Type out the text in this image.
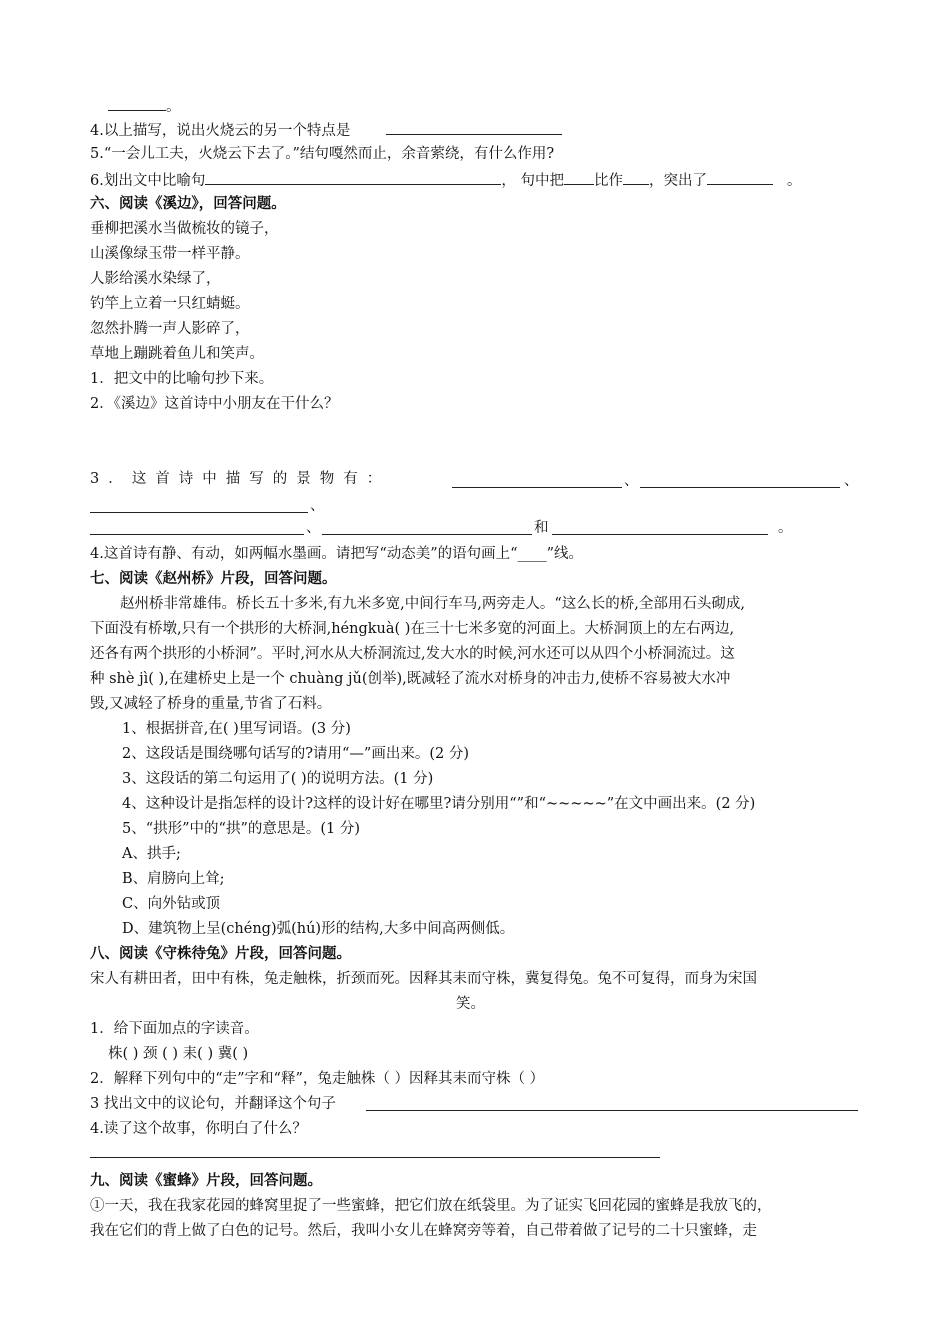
。
4.以上描写，说出火烧云的另一个特点是
5.“一会儿工夫，火烧云下去了。”结句嘎然而止，余音萦绕，有什么作用?
6.划出文中比喻句	， 句中把 比作 ，突出了	。
六、阅读《溪边》，回答问题。
垂柳把溪水当做梳妆的镜子，
山溪像绿玉带一样平静。
人影给溪水染绿了，
钓竿上立着一只红蜻蜓。
忽然扑腾一声人影碎了，
草地上蹦跳着鱼儿和笑声。
1．把文中的比喻句抄下来。
2．《溪边》这首诗中小朋友在干什么？
3．这首诗中描写的景物有：	、	、
、
、	和	。
4.这首诗有静、有动，如两幅水墨画。请把写“动态美”的语句画上“____”线。
七、阅读《赵州桥》片段，回答问题。
赵州桥非常雄伟。桥长五十多米,有九米多宽,中间行车马,两旁走人。“这么长的桥,全部用石头砌成,
下面没有桥墩,只有一个拱形的大桥洞,héngkuà( )在三十七米多宽的河面上。大桥洞顶上的左右两边,
还各有两个拱形的小桥洞”。平时,河水从大桥洞流过,发大水的时候,河水还可以从四个小桥洞流过。这
种 shè jì( ),在建桥史上是一个 chuàng jǔ(创举),既减轻了流水对桥身的冲击力,使桥不容易被大水冲
毁,又减轻了桥身的重量,节省了石料。
1、根据拼音,在( )里写词语。(3 分)
2、这段话是围绕哪句话写的?请用“—”画出来。(2 分)
3、这段话的第二句运用了( )的说明方法。(1 分)
4、这种设计是指怎样的设计?这样的设计好在哪里?请分别用“”和“~~~~~”在文中画出来。(2 分)
5、“拱形”中的“拱”的意思是。(1 分)
A、拱手;
B、肩膀向上耸;
C、向外钻或顶
D、建筑物上呈(chéng)弧(hú)形的结构,大多中间高两侧低。
八、阅读《守株待兔》片段，回答问题。
宋人有耕田者，田中有株，兔走触株，折颈而死。因释其耒而守株，冀复得兔。兔不可复得，而身为宋国
笑。
1．给下面加点的字读音。
株( ) 颈 ( ) 耒( ) 冀( )
2．解释下列句中的“走”字和“释”，兔走触株（ ）因释其耒而守株（ ）
3 找出文中的议论句，并翻译这个句子
4.读了这个故事，你明白了什么？
九、阅读《蜜蜂》片段，回答问题。
①一天，我在我家花园的蜂窝里捉了一些蜜蜂，把它们放在纸袋里。为了证实飞回花园的蜜蜂是我放飞的，
我在它们的背上做了白色的记号。然后，我叫小女儿在蜂窝旁等着，自己带着做了记号的二十只蜜蜂，走
